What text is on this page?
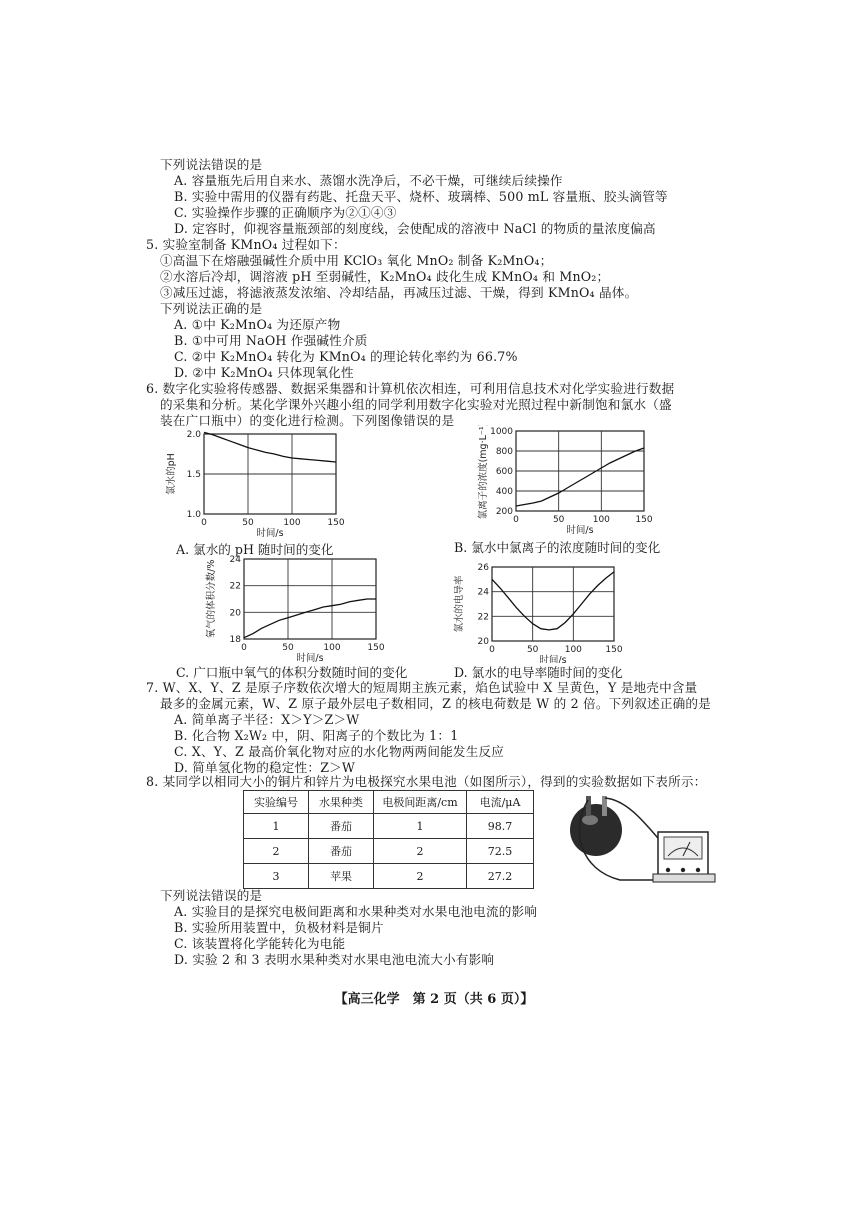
下列说法错误的是
A. 容量瓶先后用自来水、蒸馏水洗净后，不必干燥，可继续后续操作
B. 实验中需用的仪器有药匙、托盘天平、烧杯、玻璃棒、500 mL 容量瓶、胶头滴管等
C. 实验操作步骤的正确顺序为②①④③
D. 定容时，仰视容量瓶颈部的刻度线，会使配成的溶液中 NaCl 的物质的量浓度偏高
5. 实验室制备 KMnO₄ 过程如下：
①高温下在熔融强碱性介质中用 KClO₃ 氧化 MnO₂ 制备 K₂MnO₄；
②水溶后冷却，调溶液 pH 至弱碱性，K₂MnO₄ 歧化生成 KMnO₄ 和 MnO₂；
③减压过滤，将滤液蒸发浓缩、冷却结晶，再减压过滤、干燥，得到 KMnO₄ 晶体。
下列说法正确的是
A. ①中 K₂MnO₄ 为还原产物
B. ①中可用 NaOH 作强碱性介质
C. ②中 K₂MnO₄ 转化为 KMnO₄ 的理论转化率约为 66.7%
D. ②中 K₂MnO₄ 只体现氧化性
6. 数字化实验将传感器、数据采集器和计算机依次相连，可利用信息技术对化学实验进行数据
的采集和分析。某化学课外兴趣小组的同学利用数字化实验对光照过程中新制饱和氯水（盛
装在广口瓶中）的变化进行检测。下列图像错误的是
0	50	100	150
1.0
1.5
2.0
时间/s
氯水的pH
0	50	100	150
200
400
600
800
1000
时间/s
氯离子的浓度(mg·L⁻¹)
0	50	100	150
18
20
22
24
时间/s
氧气的体积分数/%
0	50	100	150
20
22
24
26
时间/s
氯水的电导率
A. 氯水的 pH 随时间的变化	B. 氯水中氯离子的浓度随时间的变化
C. 广口瓶中氧气的体积分数随时间的变化	D. 氯水的电导率随时间的变化
7. W、X、Y、Z 是原子序数依次增大的短周期主族元素，焰色试验中 X 呈黄色，Y 是地壳中含量
最多的金属元素，W、Z 原子最外层电子数相同，Z 的核电荷数是 W 的 2 倍。下列叙述正确的是
A. 简单离子半径：X＞Y＞Z＞W
B. 化合物 X₂W₂ 中，阴、阳离子的个数比为 1：1
C. X、Y、Z 最高价氧化物对应的水化物两两间能发生反应
D. 简单氢化物的稳定性：Z＞W
8. 某同学以相同大小的铜片和锌片为电极探究水果电池（如图所示），得到的实验数据如下表所示：
实验编号	水果种类	电极间距离/cm	电流/μA
1	番茄	1	98.7
2	番茄	2	72.5
3	苹果	2	27.2
下列说法错误的是
A. 实验目的是探究电极间距离和水果种类对水果电池电流的影响
B. 实验所用装置中，负极材料是铜片
C. 该装置将化学能转化为电能
D. 实验 2 和 3 表明水果种类对水果电池电流大小有影响
【高三化学　第 2 页（共 6 页）】
